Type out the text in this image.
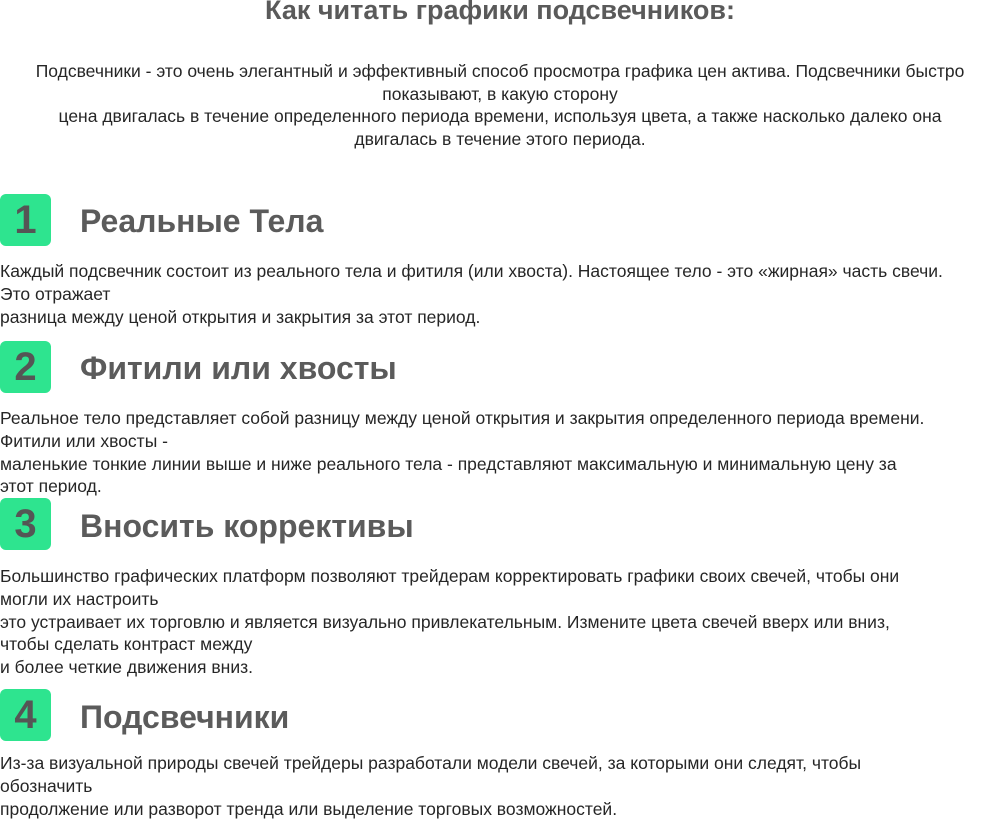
Как читать графики подсвечников:
Подсвечники - это очень элегантный и эффективный способ просмотра графика цен актива. Подсвечники быстро
показывают, в какую сторону
цена двигалась в течение определенного периода времени, используя цвета, а также насколько далеко она
двигалась в течение этого периода.
1	Реальные Тела
Каждый подсвечник состоит из реального тела и фитиля (или хвоста). Настоящее тело - это «жирная» часть свечи.
Это отражает
разница между ценой открытия и закрытия за этот период.
2	Фитили или хвосты
Реальное тело представляет собой разницу между ценой открытия и закрытия определенного периода времени.
Фитили или хвосты -
маленькие тонкие линии выше и ниже реального тела - представляют максимальную и минимальную цену за
этот период.
3	Вносить коррективы
Большинство графических платформ позволяют трейдерам корректировать графики своих свечей, чтобы они
могли их настроить
это устраивает их торговлю и является визуально привлекательным. Измените цвета свечей вверх или вниз,
чтобы сделать контраст между
и более четкие движения вниз.
4	Подсвечники
Из-за визуальной природы свечей трейдеры разработали модели свечей, за которыми они следят, чтобы
обозначить
продолжение или разворот тренда или выделение торговых возможностей.
